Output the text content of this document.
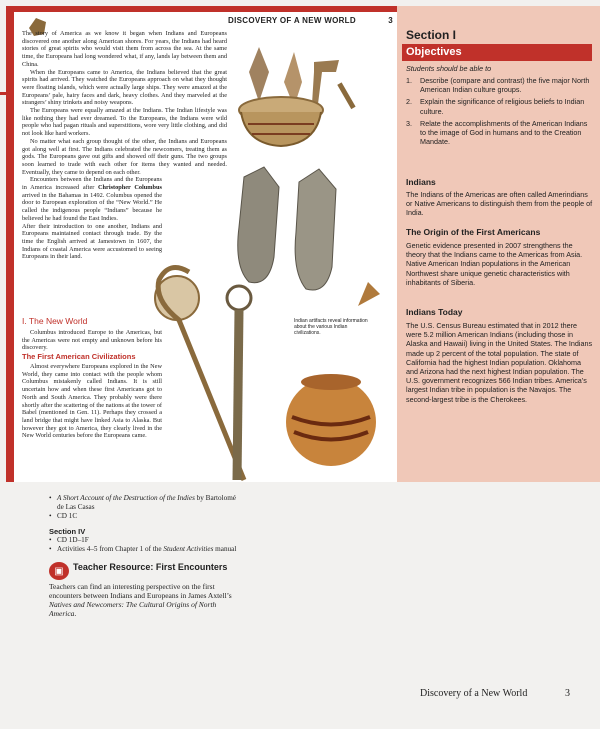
DISCOVERY OF A NEW WORLD	3

The story of America as we know it began when Indians and Europeans discovered one another along American shores. For years, the Indians had heard stories of great spirits who would visit them from across the sea. At the same time, the Europeans had long wondered what, if any, lands lay between them and China.

When the Europeans came to America, the Indians believed that the great spirits had arrived. They watched the Europeans approach on what they thought were floating islands, which were actually large ships. They were amazed at the Europeans’ pale, hairy faces and dark, heavy clothes. And they marveled at the strangers’ shiny trinkets and noisy weapons.

The Europeans were equally amazed at the Indians. The Indian lifestyle was like nothing they had ever dreamed. To the Europeans, the Indians were wild people who had pagan rituals and superstitions, wore very little clothing, and did not look like hard workers.

No matter what each group thought of the other, the Indians and Europeans got along well at first. The Indians celebrated the newcomers, treating them as gods. The Europeans gave out gifts and showed off their guns. The two groups soon learned to trade with each other for items they wanted and needed. Eventually, they came to depend on each other.

Encounters between the Indians and the Europeans in America increased after Christopher Columbus arrived in the Bahamas in 1492. Columbus opened the door to European exploration of the “New World.” He called the indigenous people “Indians” because he believed he had found the East Indies.

After their introduction to one another, Indians and Europeans maintained contact through trade. By the time the English arrived at Jamestown in 1607, the Indians of coastal America were accustomed to seeing Europeans in their land.

I. The New World

Columbus introduced Europe to the Americas, but the Americas were not empty and unknown before his discovery.

The First American Civilizations

Almost everywhere Europeans explored in the New World, they came into contact with the people whom Columbus mistakenly called Indians. It is still uncertain how and when these first Americans got to North and South America. They probably were there shortly after the scattering of the nations at the tower of Babel (mentioned in Gen. 11). Perhaps they crossed a land bridge that might have linked Asia to Alaska. But however they got to America, they clearly lived in the New World centuries before the Europeans came.

Indian artifacts reveal information about the various Indian civilizations.
Section I
Objectives
Students should be able to
1.	Describe (compare and contrast) the five major North American Indian culture groups.
2.	Explain the significance of religious beliefs to Indian culture.
3.	Relate the accomplishments of the American Indians to the image of God in humans and to the Creation Mandate.
Indians
The Indians of the Americas are often called Amerindians or Native Americans to distinguish them from the people of India.
The Origin of the First Americans
Genetic evidence presented in 2007 strengthens the theory that the Indians came to the Americas from Asia. Native American Indian populations in the American Northwest share unique genetic characteristics with inhabitants of Siberia.
Indians Today
The U.S. Census Bureau estimated that in 2012 there were 5.2 million American Indians (including those in Alaska and Hawaii) living in the United States. The Indians made up 2 percent of the total population. The state of California had the highest Indian population. Oklahoma and Arizona had the next highest Indian population. The U.S. government recognizes 566 Indian tribes. America’s largest Indian tribe in population is the Navajos. The second-largest tribe is the Cherokees.
• A Short Account of the Destruction of the Indies by Bartolomé de Las Casas
• CD 1C
Section IV
• CD 1D–1F
• Activities 4–5 from Chapter 1 of the Student Activities manual
▣	Teacher Resource: First Encounters
Teachers can find an interesting perspective on the first encounters between Indians and Europeans in James Axtell’s Natives and Newcomers: The Cultural Origins of North America.
Discovery of a New World	3
